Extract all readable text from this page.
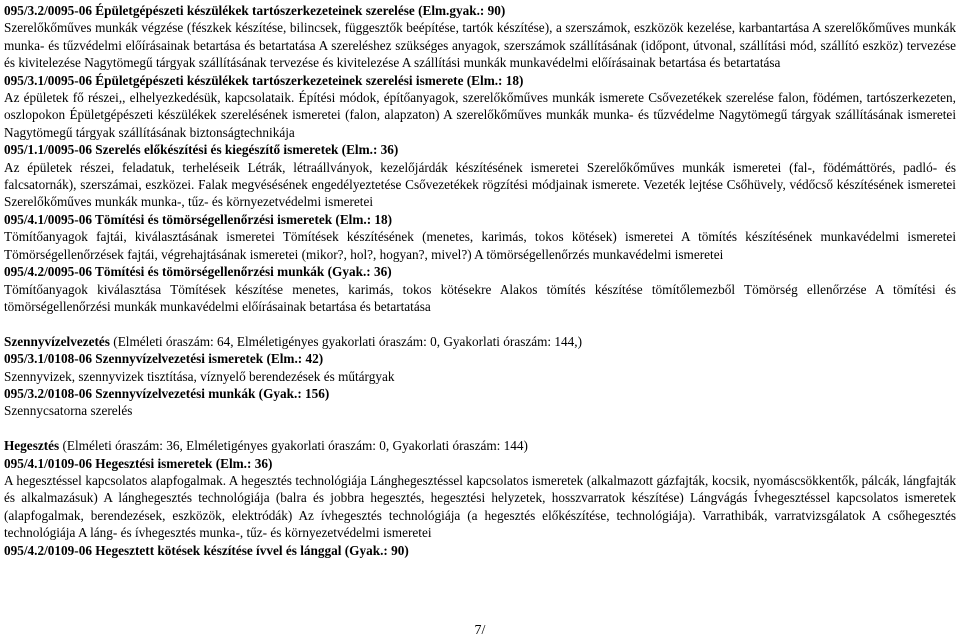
095/3.2/0095-06 Épületgépészeti készülékek tartószerkezeteinek szerelése (Elm.gyak.: 90)
Szerelőkőműves munkák végzése (fészkek készítése, bilincsek, függesztők beépítése, tartók készítése), a szerszámok, eszközök kezelése, karbantartása A szerelőkőműves munkák munka- és tűzvédelmi előírásainak betartása és betartatása A szereléshez szükséges anyagok, szerszámok szállításának (időpont, útvonal, szállítási mód, szállító eszköz) tervezése és kivitelezése Nagytömegű tárgyak szállításának tervezése és kivitelezése A szállítási munkák munkavédelmi előírásainak betartása és betartatása
095/3.1/0095-06 Épületgépészeti készülékek tartószerkezeteinek szerelési ismerete (Elm.: 18)
Az épületek fő részei,, elhelyezkedésük, kapcsolataik. Építési módok, építőanyagok, szerelőkőműves munkák ismerete Csővezetékek szerelése falon, födémen, tartószerkezeten, oszlopokon Épületgépészeti készülékek szerelésének ismeretei (falon, alapzaton) A szerelőkőműves munkák munka- és tűzvédelme Nagytömegű tárgyak szállításának ismeretei Nagytömegű tárgyak szállításának biztonságtechnikája
095/1.1/0095-06 Szerelés előkészítési és kiegészítő ismeretek (Elm.: 36)
Az épületek részei, feladatuk, terheléseik Létrák, létraállványok, kezelőjárdák készítésének ismeretei Szerelőkőműves munkák ismeretei (fal-, födémáttörés, padló- és falcsatornák), szerszámai, eszközei. Falak megvésésének engedélyeztetése Csővezetékek rögzítési módjainak ismerete. Vezeték lejtése Csőhüvely, védőcső készítésének ismeretei Szerelőkőműves munkák munka-, tűz- és környezetvédelmi ismeretei
095/4.1/0095-06 Tömítési és tömörségellenőrzési ismeretek (Elm.: 18)
Tömítőanyagok fajtái, kiválasztásának ismeretei Tömítések készítésének (menetes, karimás, tokos kötések) ismeretei A tömítés készítésének munkavédelmi ismeretei Tömörségellenőrzések fajtái, végrehajtásának ismeretei (mikor?, hol?, hogyan?, mivel?) A tömörségellenőrzés munkavédelmi ismeretei
095/4.2/0095-06 Tömítési és tömörségellenőrzési munkák (Gyak.: 36)
Tömítőanyagok kiválasztása Tömítések készítése menetes, karimás, tokos kötésekre Alakos tömítés készítése tömítőlemezből Tömörség ellenőrzése A tömítési és tömörségellenőrzési munkák munkavédelmi előírásainak betartása és betartatása
Szennyvízelvezetés (Elméleti óraszám: 64, Elméletigényes gyakorlati óraszám: 0, Gyakorlati óraszám: 144,)
095/3.1/0108-06 Szennyvízelvezetési ismeretek (Elm.: 42)
Szennyvizek, szennyvizek tisztítása, víznyelő berendezések és műtárgyak
095/3.2/0108-06 Szennyvízelvezetési munkák (Gyak.: 156)
Szennycsatorna szerelés
Hegesztés (Elméleti óraszám: 36, Elméletigényes gyakorlati óraszám: 0, Gyakorlati óraszám: 144)
095/4.1/0109-06 Hegesztési ismeretek (Elm.: 36)
A hegesztéssel kapcsolatos alapfogalmak. A hegesztés technológiája Lánghegesztéssel kapcsolatos ismeretek (alkalmazott gázfajták, kocsik, nyomáscsökkentők, pálcák, lángfajták és alkalmazásuk) A lánghegesztés technológiája (balra és jobbra hegesztés, hegesztési helyzetek, hosszvarratok készítése) Lángvágás Ívhegesztéssel kapcsolatos ismeretek (alapfogalmak, berendezések, eszközök, elektródák) Az ívhegesztés technológiája (a hegesztés előkészítése, technológiája). Varrathibák, varratvizsgálatok A csőhegesztés technológiája A láng- és ívhegesztés munka-, tűz- és környezetvédelmi ismeretei
095/4.2/0109-06 Hegesztett kötések készítése ívvel és lánggal (Gyak.: 90)
7/
